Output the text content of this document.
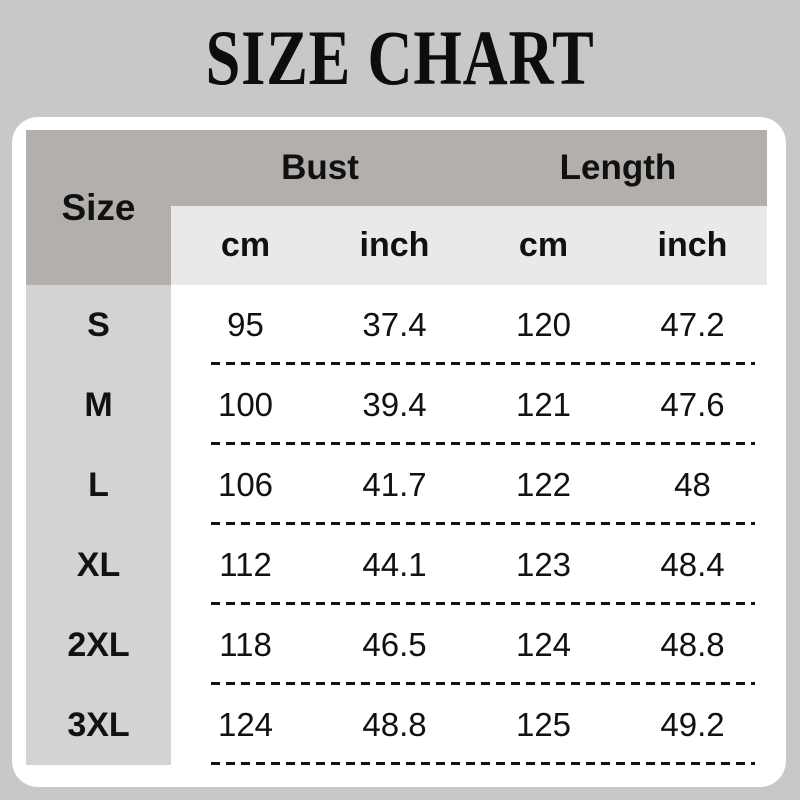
SIZE CHART
Size
Bust	Length
cm	inch	cm	inch
S	95	37.4	120	47.2
M	100	39.4	121	47.6
L	106	41.7	122	48
XL	112	44.1	123	48.4
2XL	118	46.5	124	48.8
3XL	124	48.8	125	49.2
